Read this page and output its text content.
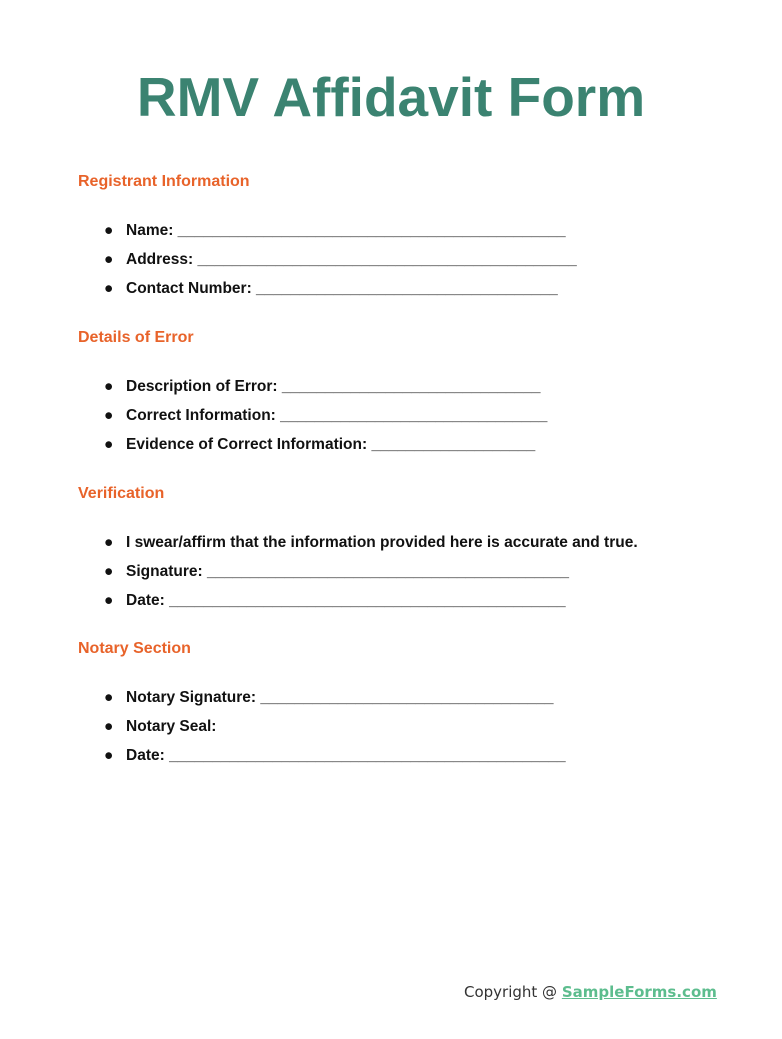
RMV Affidavit Form
Registrant Information
● Name: _____________________________________________
● Address: ____________________________________________
● Contact Number: ___________________________________
Details of Error
● Description of Error: ______________________________
● Correct Information: _______________________________
● Evidence of Correct Information: ___________________
Verification
● I swear/affirm that the information provided here is accurate and true.
● Signature: __________________________________________
● Date: ______________________________________________
Notary Section
● Notary Signature: __________________________________
● Notary Seal:
● Date: ______________________________________________
Copyright @ SampleForms.com
